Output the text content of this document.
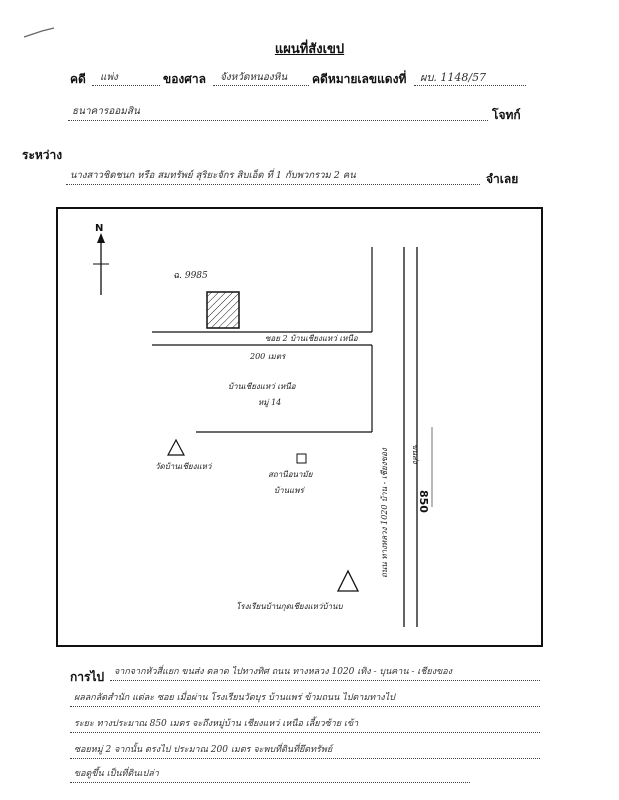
แผนที่สังเขป
คดี แพ่ง	ของศาล จังหวัดหนองหิน คดีหมายเลขแดงที่ ผบ. 1148/57
ธนาคารออมสิน	โจทก์
ระหว่าง
นางสาวชิดชนก หรือ สมทรัพย์ สุริยะจักร สิบเอ็ด ที่ 1 กับพวกรวม 2 คน	จำเลย
N
ฉ. 9985
ซอย 2 บ้านเชียงแหว่ เหนือ
200 เมตร
บ้านเชียงแหว่ เหนือ
หมู่ 14
วัดบ้านเชียงแหว่
สถานีอนามัย
บ้านแพร่
โรงเรียนบ้านกุดเชียงแหว่บ้านบ
ถนน ทางหลวง 1020 บ้าน - เชียงของ	ขนส่ง
850
การไป จากจากหัวสี่แยก ขนส่ง ตลาด ไปทางทิศ ถนน ทางหลวง 1020 เทิง - บุนคาน - เชียงของ
ผลลกลัดสำนัก แต่ละ ซอย เมื่อผ่าน โรงเรียนวัดบุร บ้านแพร่ ข้ามถนน ไปตามทางไป
ระยะ ทางประมาณ 850 เมตร จะถึงหมู่บ้าน เชียงแหว่ เหนือ เลี้ยวซ้าย เข้า
ซอยหมู่ 2 จากนั้น ตรงไป ประมาณ 200 เมตร จะพบที่ดินที่ยึดทรัพย์
ขอดูขึ้น เป็นที่ดินเปล่า
